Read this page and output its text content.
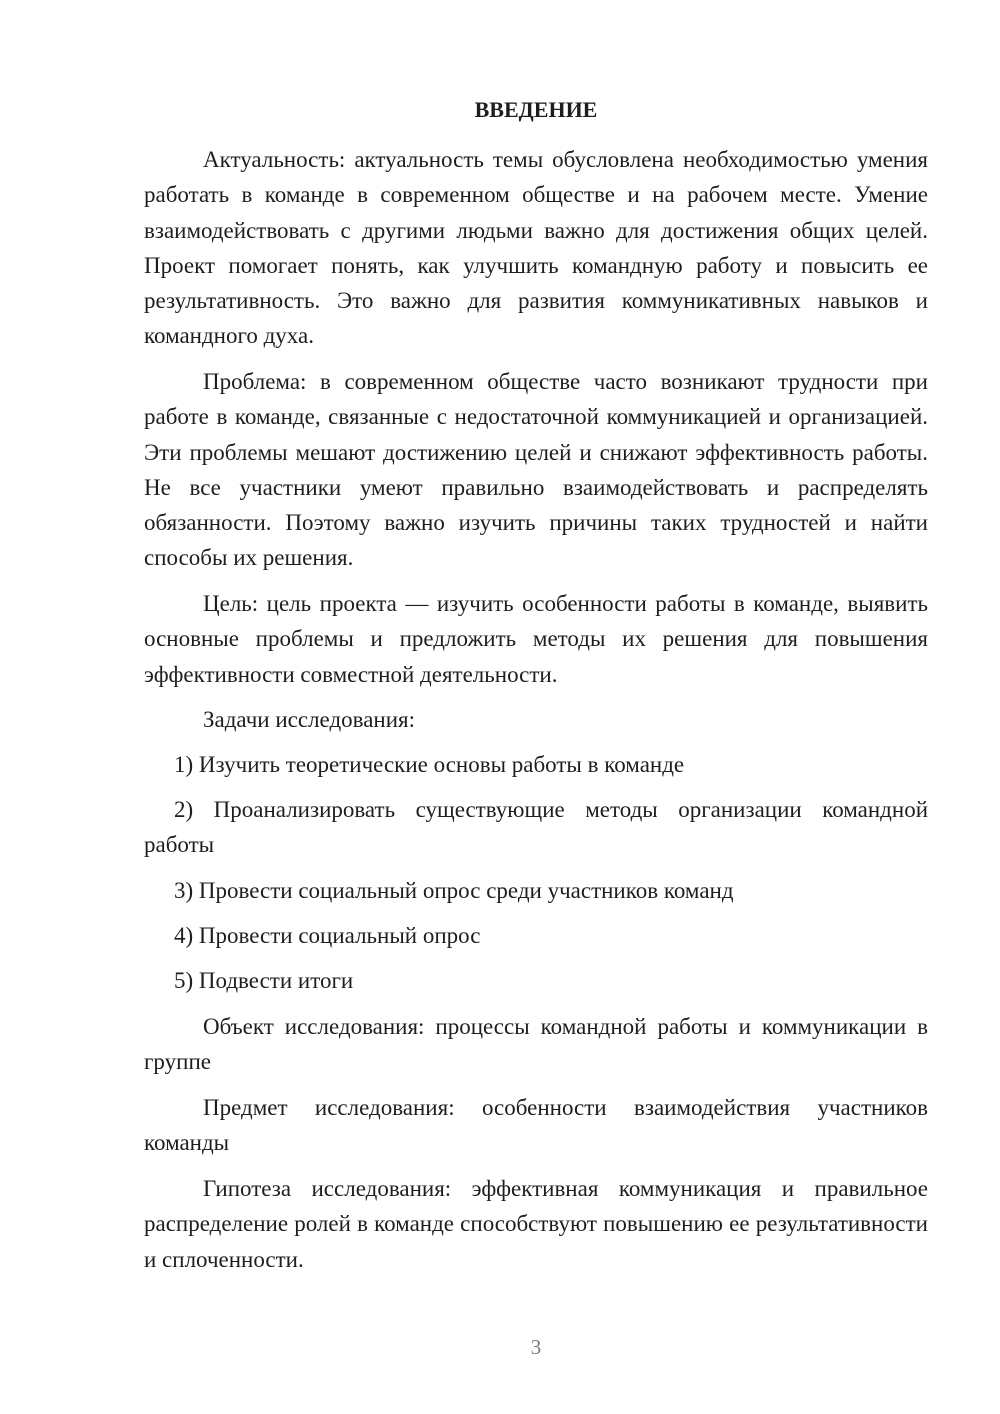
ВВЕДЕНИЕ
Актуальность: актуальность темы обусловлена необходимостью умения работать в команде в современном обществе и на рабочем месте. Умение взаимодействовать с другими людьми важно для достижения общих целей. Проект помогает понять, как улучшить командную работу и повысить ее результативность. Это важно для развития коммуникативных навыков и командного духа.
Проблема: в современном обществе часто возникают трудности при работе в команде, связанные с недостаточной коммуникацией и организацией. Эти проблемы мешают достижению целей и снижают эффективность работы. Не все участники умеют правильно взаимодействовать и распределять обязанности. Поэтому важно изучить причины таких трудностей и найти способы их решения.
Цель: цель проекта — изучить особенности работы в команде, выявить основные проблемы и предложить методы их решения для повышения эффективности совместной деятельности.
Задачи исследования:
1) Изучить теоретические основы работы в команде
2) Проанализировать существующие методы организации командной работы
3) Провести социальный опрос среди участников команд
4) Провести социальный опрос
5) Подвести итоги
Объект исследования: процессы командной работы и коммуникации в группе
Предмет исследования: особенности взаимодействия участников команды
Гипотеза исследования: эффективная коммуникация и правильное распределение ролей в команде способствуют повышению ее результативности и сплоченности.
3
